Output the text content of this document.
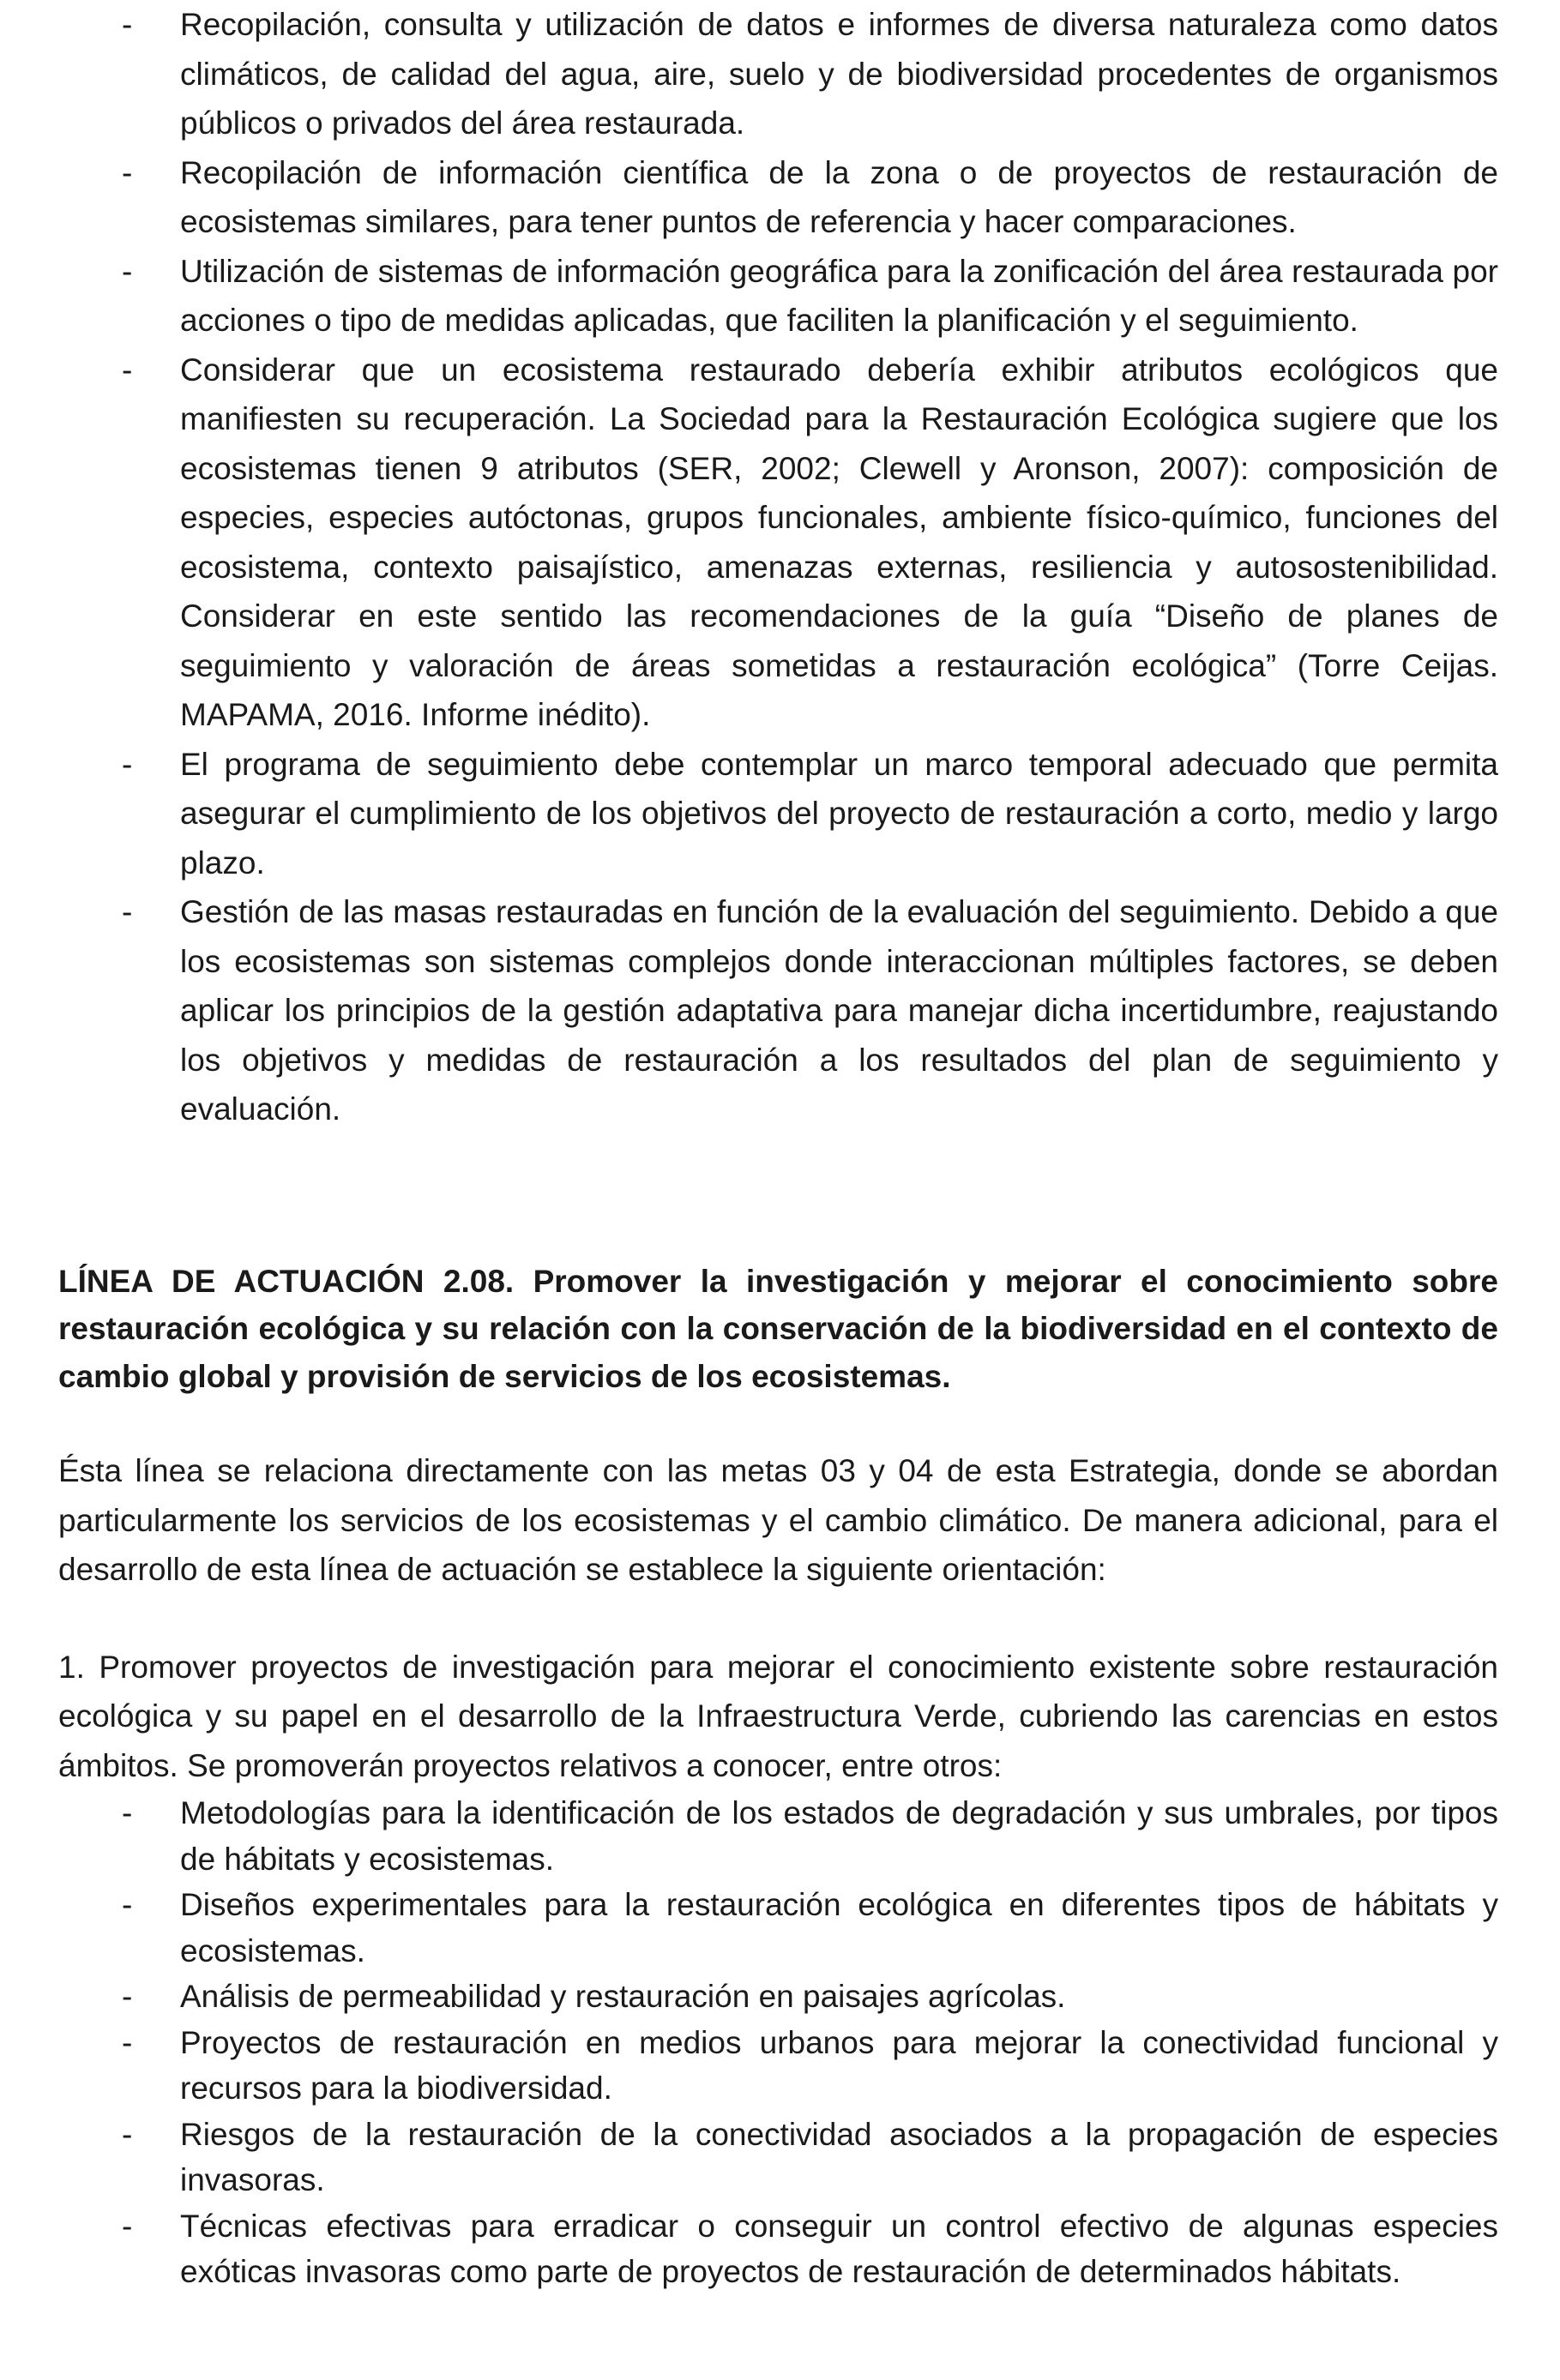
- Recopilación, consulta y utilización de datos e informes de diversa naturaleza como datos climáticos, de calidad del agua, aire, suelo y de biodiversidad procedentes de organismos públicos o privados del área restaurada.
- Recopilación de información científica de la zona o de proyectos de restauración de ecosistemas similares, para tener puntos de referencia y hacer comparaciones.
- Utilización de sistemas de información geográfica para la zonificación del área restaurada por acciones o tipo de medidas aplicadas, que faciliten la planificación y el seguimiento.
- Considerar que un ecosistema restaurado debería exhibir atributos ecológicos que manifiesten su recuperación. La Sociedad para la Restauración Ecológica sugiere que los ecosistemas tienen 9 atributos (SER, 2002; Clewell y Aronson, 2007): composición de especies, especies autóctonas, grupos funcionales, ambiente físico-químico, funciones del ecosistema, contexto paisajístico, amenazas externas, resiliencia y autosostenibilidad. Considerar en este sentido las recomendaciones de la guía “Diseño de planes de seguimiento y valoración de áreas sometidas a restauración ecológica” (Torre Ceijas. MAPAMA, 2016. Informe inédito).
- El programa de seguimiento debe contemplar un marco temporal adecuado que permita asegurar el cumplimiento de los objetivos del proyecto de restauración a corto, medio y largo plazo.
- Gestión de las masas restauradas en función de la evaluación del seguimiento. Debido a que los ecosistemas son sistemas complejos donde interaccionan múltiples factores, se deben aplicar los principios de la gestión adaptativa para manejar dicha incertidumbre, reajustando los objetivos y medidas de restauración a los resultados del plan de seguimiento y evaluación.
LÍNEA DE ACTUACIÓN 2.08. Promover la investigación y mejorar el conocimiento sobre restauración ecológica y su relación con la conservación de la biodiversidad en el contexto de cambio global y provisión de servicios de los ecosistemas.
Ésta línea se relaciona directamente con las metas 03 y 04 de esta Estrategia, donde se abordan particularmente los servicios de los ecosistemas y el cambio climático. De manera adicional, para el desarrollo de esta línea de actuación se establece la siguiente orientación:
1. Promover proyectos de investigación para mejorar el conocimiento existente sobre restauración ecológica y su papel en el desarrollo de la Infraestructura Verde, cubriendo las carencias en estos ámbitos. Se promoverán proyectos relativos a conocer, entre otros:
- Metodologías para la identificación de los estados de degradación y sus umbrales, por tipos de hábitats y ecosistemas.
- Diseños experimentales para la restauración ecológica en diferentes tipos de hábitats y ecosistemas.
- Análisis de permeabilidad y restauración en paisajes agrícolas.
- Proyectos de restauración en medios urbanos para mejorar la conectividad funcional y recursos para la biodiversidad.
- Riesgos de la restauración de la conectividad asociados a la propagación de especies invasoras.
- Técnicas efectivas para erradicar o conseguir un control efectivo de algunas especies exóticas invasoras como parte de proyectos de restauración de determinados hábitats.
